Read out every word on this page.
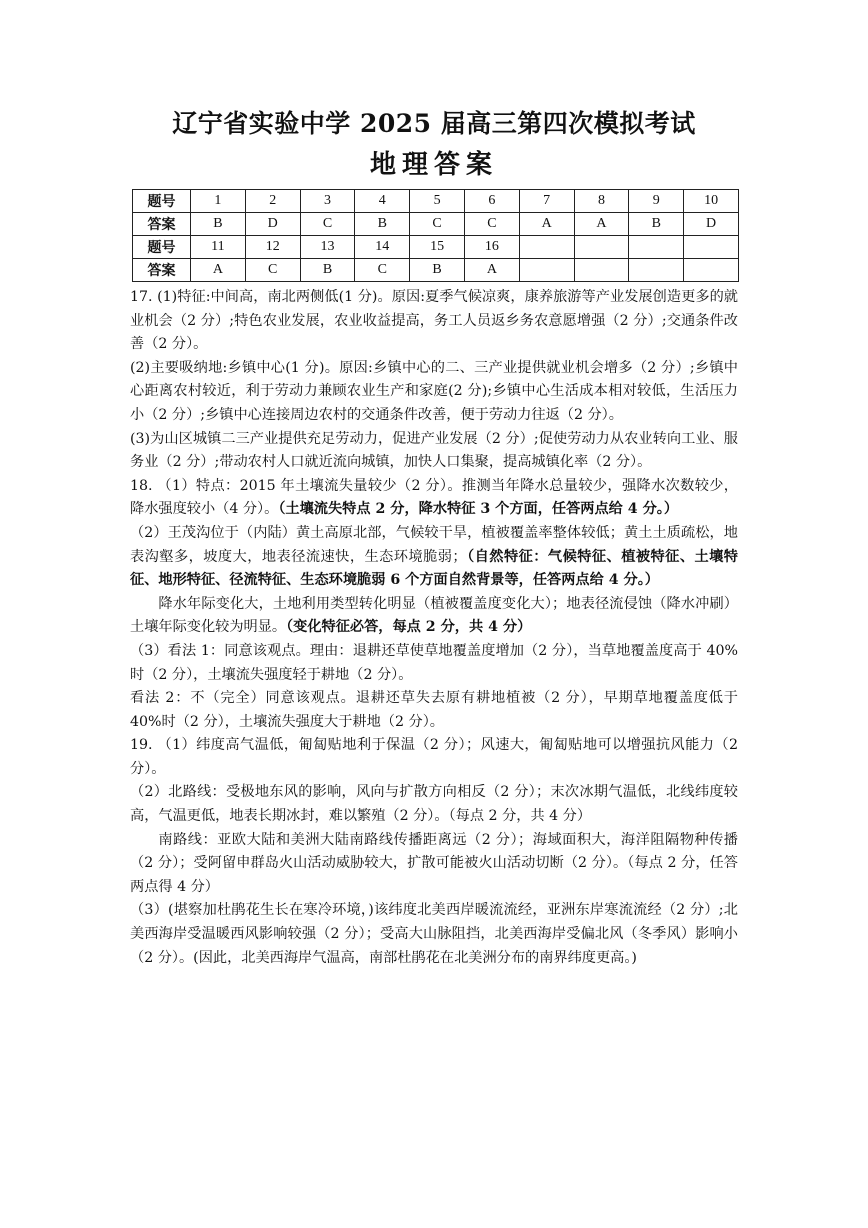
辽宁省实验中学 2025 届高三第四次模拟考试
地理答案
题号	1	2	3	4	5	6	7	8	9	10
答案	B	D	C	B	C	C	A	A	B	D
题号	11	12	13	14	15	16				
答案	A	C	B	C	B	A				

17. (1)特征:中间高，南北两侧低(1 分)。原因:夏季气候凉爽，康养旅游等产业发展创造更多的就业机会（2 分）;特色农业发展，农业收益提高，务工人员返乡务农意愿增强（2 分）;交通条件改善（2 分）。

(2)主要吸纳地:乡镇中心(1 分)。原因:乡镇中心的二、三产业提供就业机会增多（2 分）;乡镇中心距离农村较近，利于劳动力兼顾农业生产和家庭(2 分);乡镇中心生活成本相对较低，生活压力小（2 分）;乡镇中心连接周边农村的交通条件改善，便于劳动力往返（2 分）。

(3)为山区城镇二三产业提供充足劳动力，促进产业发展（2 分）;促使劳动力从农业转向工业、服务业（2 分）;带动农村人口就近流向城镇，加快人口集聚，提高城镇化率（2 分）。

18. （1）特点：2015 年土壤流失量较少（2 分）。推测当年降水总量较少，强降水次数较少，降水强度较小（4 分）。（土壤流失特点 2 分，降水特征 3 个方面，任答两点给 4 分。）

（2）王茂沟位于（内陆）黄土高原北部，气候较干旱，植被覆盖率整体较低；黄土土质疏松，地表沟壑多，坡度大，地表径流速快，生态环境脆弱；（自然特征：气候特征、植被特征、土壤特征、地形特征、径流特征、生态环境脆弱 6 个方面自然背景等，任答两点给 4 分。）

降水年际变化大，土地利用类型转化明显（植被覆盖度变化大）；地表径流侵蚀（降水冲刷）土壤年际变化较为明显。（变化特征必答，每点 2 分，共 4 分）

（3）看法 1：同意该观点。理由：退耕还草使草地覆盖度增加（2 分），当草地覆盖度高于 40%时（2 分），土壤流失强度轻于耕地（2 分）。

看法 2：不（完全）同意该观点。退耕还草失去原有耕地植被（2 分），早期草地覆盖度低于 40%时（2 分），土壤流失强度大于耕地（2 分）。

19. （1）纬度高气温低，匍匐贴地利于保温（2 分）；风速大，匍匐贴地可以增强抗风能力（2 分）。

（2）北路线：受极地东风的影响，风向与扩散方向相反（2 分）；末次冰期气温低，北线纬度较高，气温更低，地表长期冰封，难以繁殖（2 分）。（每点 2 分，共 4 分）

南路线：亚欧大陆和美洲大陆南路线传播距离远（2 分）；海域面积大，海洋阻隔物种传播（2 分）；受阿留申群岛火山活动威胁较大，扩散可能被火山活动切断（2 分）。（每点 2 分，任答两点得 4 分）

（3）(堪察加杜鹃花生长在寒冷环境，)该纬度北美西岸暖流流经，亚洲东岸寒流流经（2 分）;北美西海岸受温暖西风影响较强（2 分）；受高大山脉阻挡，北美西海岸受偏北风（冬季风）影响小（2 分）。(因此，北美西海岸气温高，南部杜鹃花在北美洲分布的南界纬度更高。)
